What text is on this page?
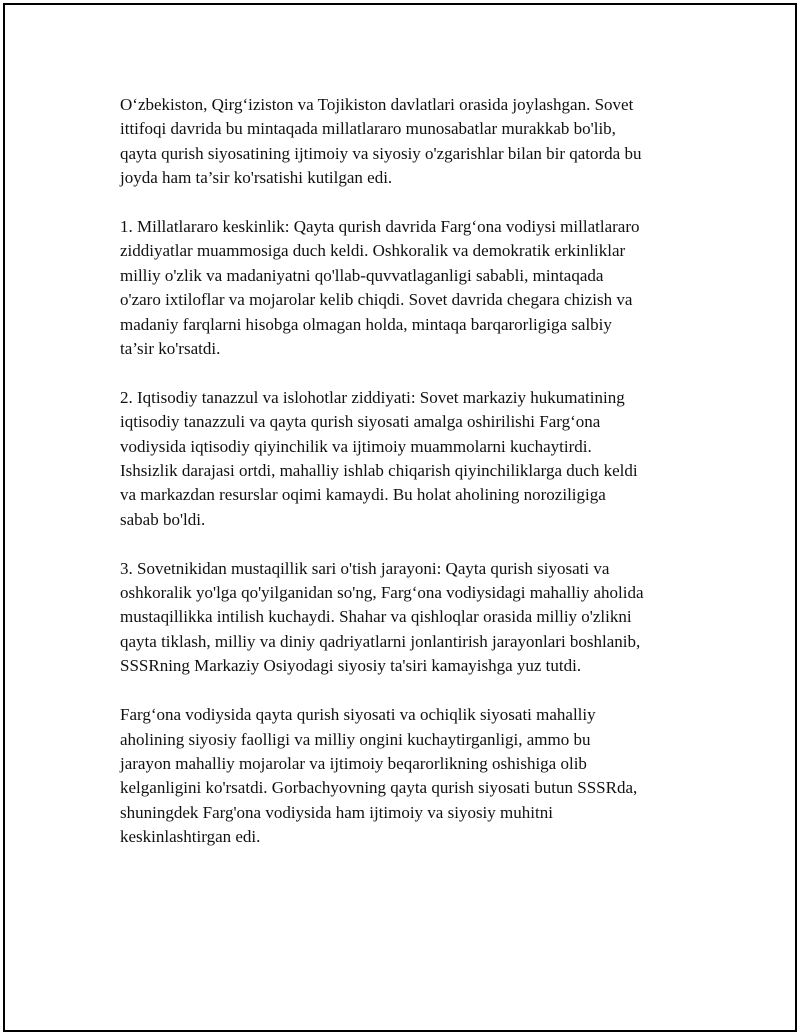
O‘zbekiston, Qirg‘iziston va Tojikiston davlatlari orasida joylashgan. Sovet
ittifoqi davrida bu mintaqada millatlararo munosabatlar murakkab bo'lib,
qayta qurish siyosatining ijtimoiy va siyosiy o'zgarishlar bilan bir qatorda bu
joyda ham ta’sir ko'rsatishi kutilgan edi.

1. Millatlararo keskinlik: Qayta qurish davrida Farg‘ona vodiysi millatlararo
ziddiyatlar muammosiga duch keldi. Oshkoralik va demokratik erkinliklar
milliy o'zlik va madaniyatni qo'llab-quvvatlaganligi sababli, mintaqada
o'zaro ixtiloflar va mojarolar kelib chiqdi. Sovet davrida chegara chizish va
madaniy farqlarni hisobga olmagan holda, mintaqa barqarorligiga salbiy
ta’sir ko'rsatdi.

2. Iqtisodiy tanazzul va islohotlar ziddiyati: Sovet markaziy hukumatining
iqtisodiy tanazzuli va qayta qurish siyosati amalga oshirilishi Farg‘ona
vodiysida iqtisodiy qiyinchilik va ijtimoiy muammolarni kuchaytirdi.
Ishsizlik darajasi ortdi, mahalliy ishlab chiqarish qiyinchiliklarga duch keldi
va markazdan resurslar oqimi kamaydi. Bu holat aholining noroziligiga
sabab bo'ldi.

3. Sovetnikidan mustaqillik sari o'tish jarayoni: Qayta qurish siyosati va
oshkoralik yo'lga qo'yilganidan so'ng, Farg‘ona vodiysidagi mahalliy aholida
mustaqillikka intilish kuchaydi. Shahar va qishloqlar orasida milliy o'zlikni
qayta tiklash, milliy va diniy qadriyatlarni jonlantirish jarayonlari boshlanib,
SSSRning Markaziy Osiyodagi siyosiy ta'siri kamayishga yuz tutdi.

Farg‘ona vodiysida qayta qurish siyosati va ochiqlik siyosati mahalliy
aholining siyosiy faolligi va milliy ongini kuchaytirganligi, ammo bu
jarayon mahalliy mojarolar va ijtimoiy beqarorlikning oshishiga olib
kelganligini ko'rsatdi. Gorbachyovning qayta qurish siyosati butun SSSRda,
shuningdek Farg'ona vodiysida ham ijtimoiy va siyosiy muhitni
keskinlashtirgan edi.
